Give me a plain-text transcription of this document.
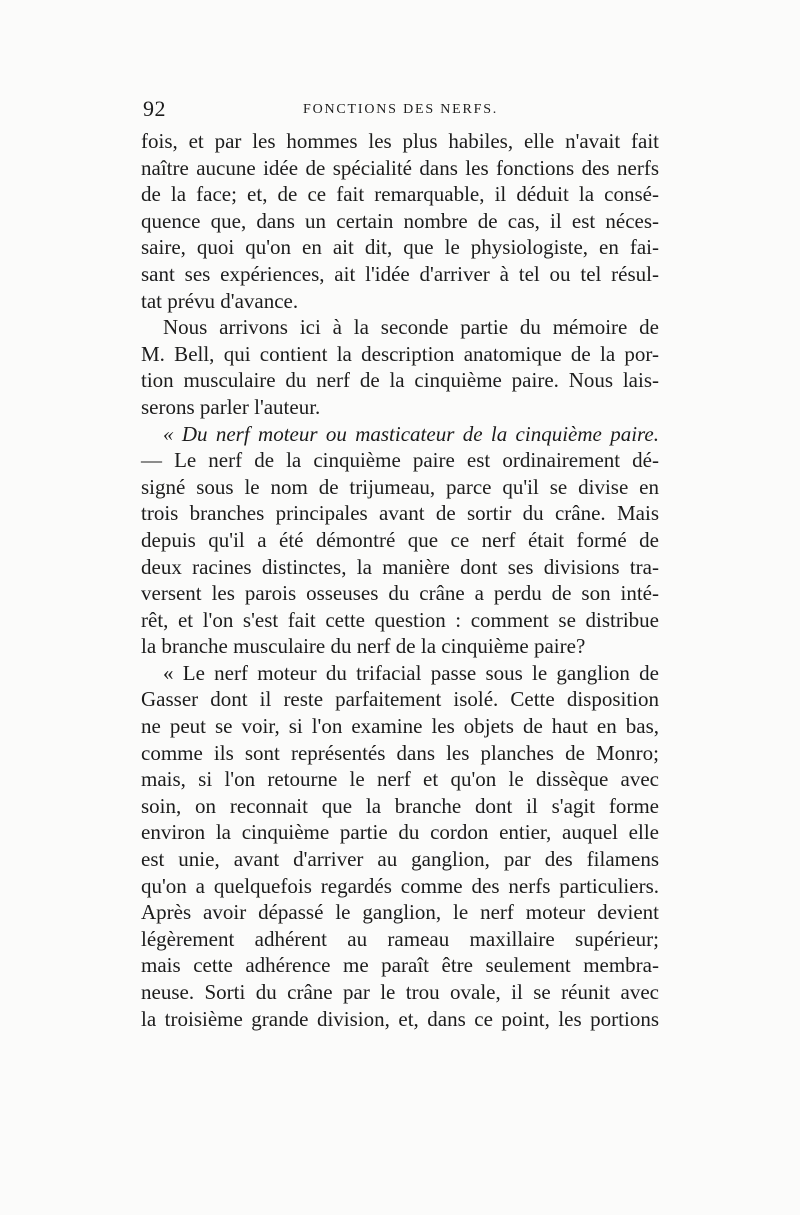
92	FONCTIONS DES NERFS.
fois, et par les hommes les plus habiles, elle n'avait fait
naître aucune idée de spécialité dans les fonctions des nerfs
de la face; et, de ce fait remarquable, il déduit la consé-
quence que, dans un certain nombre de cas, il est néces-
saire, quoi qu'on en ait dit, que le physiologiste, en fai-
sant ses expériences, ait l'idée d'arriver à tel ou tel résul-
tat prévu d'avance.
Nous arrivons ici à la seconde partie du mémoire de
M. Bell, qui contient la description anatomique de la por-
tion musculaire du nerf de la cinquième paire. Nous lais-
serons parler l'auteur.
« Du nerf moteur ou masticateur de la cinquième paire.
— Le nerf de la cinquième paire est ordinairement dé-
signé sous le nom de trijumeau, parce qu'il se divise en
trois branches principales avant de sortir du crâne. Mais
depuis qu'il a été démontré que ce nerf était formé de
deux racines distinctes, la manière dont ses divisions tra-
versent les parois osseuses du crâne a perdu de son inté-
rêt, et l'on s'est fait cette question : comment se distribue
la branche musculaire du nerf de la cinquième paire?
« Le nerf moteur du trifacial passe sous le ganglion de
Gasser dont il reste parfaitement isolé. Cette disposition
ne peut se voir, si l'on examine les objets de haut en bas,
comme ils sont représentés dans les planches de Monro;
mais, si l'on retourne le nerf et qu'on le dissèque avec
soin, on reconnait que la branche dont il s'agit forme
environ la cinquième partie du cordon entier, auquel elle
est unie, avant d'arriver au ganglion, par des filamens
qu'on a quelquefois regardés comme des nerfs particuliers.
Après avoir dépassé le ganglion, le nerf moteur devient
légèrement adhérent au rameau maxillaire supérieur;
mais cette adhérence me paraît être seulement membra-
neuse. Sorti du crâne par le trou ovale, il se réunit avec
la troisième grande division, et, dans ce point, les portions
